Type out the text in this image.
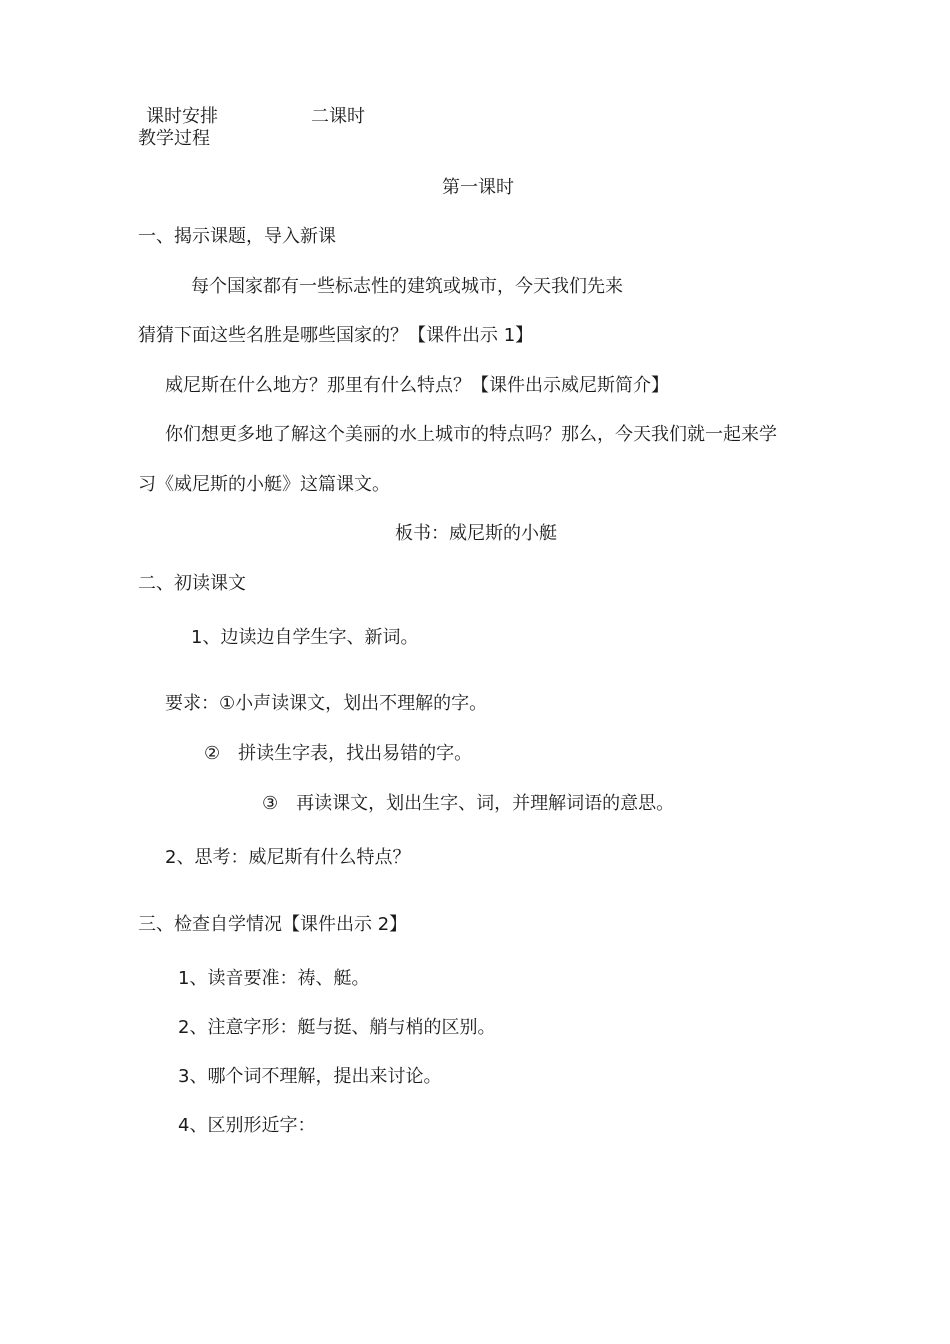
课时安排	二课时
教学过程
第一课时
一、揭示课题，导入新课
每个国家都有一些标志性的建筑或城市，今天我们先来
猜猜下面这些名胜是哪些国家的？【课件出示 1】
威尼斯在什么地方？那里有什么特点？【课件出示威尼斯简介】
你们想更多地了解这个美丽的水上城市的特点吗？那么，今天我们就一起来学
习《威尼斯的小艇》这篇课文。
板书：威尼斯的小艇
二、初读课文
1、边读边自学生字、新词。
要求：①小声读课文，划出不理解的字。
②　拼读生字表，找出易错的字。
③　再读课文，划出生字、词，并理解词语的意思。
2、思考：威尼斯有什么特点？
三、检查自学情况【课件出示 2】
1、读音要准：祷、艇。
2、注意字形：艇与挺、艄与梢的区别。
3、哪个词不理解，提出来讨论。
4、区别形近字：
